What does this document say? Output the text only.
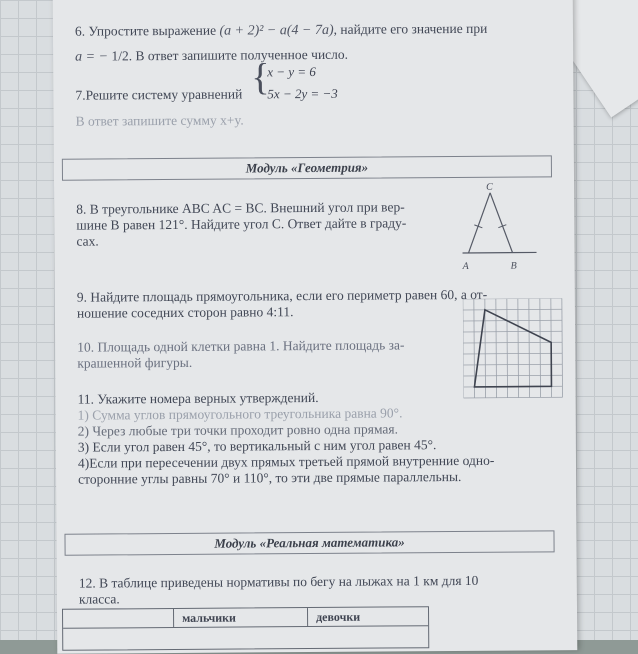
6. Упростите выражение (a + 2)² − a(4 − 7a), найдите его значение при
a = − 1/2. В ответ запишите полученное число.
7.Решите систему уравнений {
x − y = 6
5x − 2y = −3
В ответ запишите сумму x+y.
Модуль «Геометрия»
8. В треугольнике ABC AC = BC. Внешний угол при вер-
шине B равен 121°. Найдите угол C. Ответ дайте в граду-
сах.
A	B
C
9. Найдите площадь прямоугольника, если его периметр равен 60, а от-
ношение соседних сторон равно 4:11.
10. Площадь одной клетки равна 1. Найдите площадь за-
крашенной фигуры.
11. Укажите номера верных утверждений.
1) Сумма углов прямоугольного треугольника равна 90°.
2) Через любые три точки проходит ровно одна прямая.
3) Если угол равен 45°, то вертикальный с ним угол равен 45°.
4)Если при пересечении двух прямых третьей прямой внутренние одно-
сторонние углы равны 70° и 110°, то эти две прямые параллельны.
Модуль «Реальная математика»
12. В таблице приведены нормативы по бегу на лыжах на 1 км для 10
класса.
мальчики	девочки
